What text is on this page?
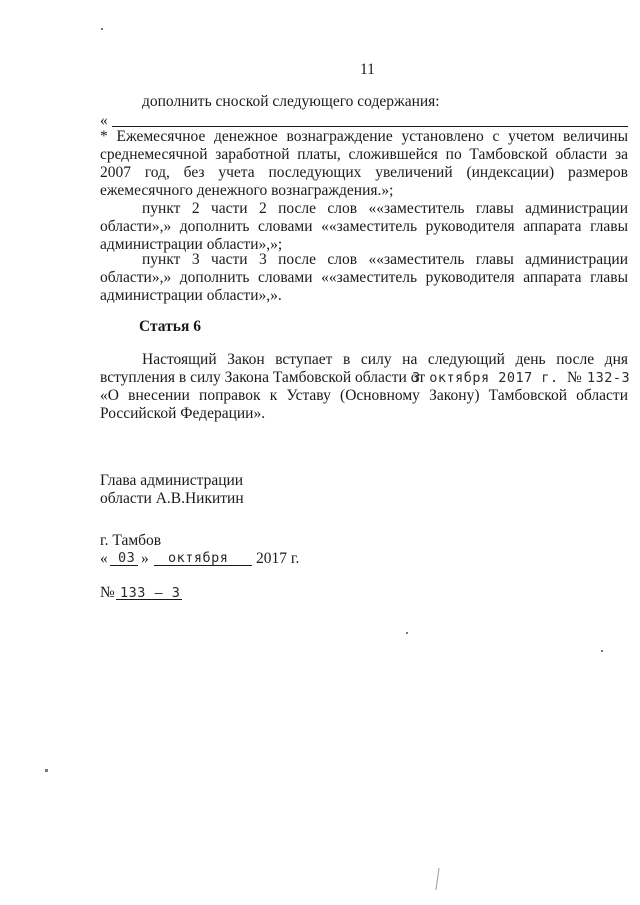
11
дополнить сноской следующего содержания:
«
* Ежемесячное денежное вознаграждение установлено с учетом величины
среднемесячной заработной платы, сложившейся по Тамбовской области за
2007 год, без учета последующих увеличений (индексации) размеров
ежемесячного денежного вознаграждения.»;
пункт 2 части 2 после слов ««заместитель главы администрации
области»,» дополнить словами ««заместитель руководителя аппарата главы
администрации области»,»;
пункт 3 части 3 после слов ««заместитель главы администрации
области»,» дополнить словами ««заместитель руководителя аппарата главы
администрации области»,».
Статья 6
Настоящий Закон вступает в силу на следующий день после дня
вступления в силу Закона Тамбовской области от
3 октября 2017 г. № 132-З
«О внесении поправок к Уставу (Основному Закону) Тамбовской области
Российской Федерации».
Глава администрации
области А.В.Никитин
г. Тамбов
« 03 » октября 2017 г.
№ 133 – З
